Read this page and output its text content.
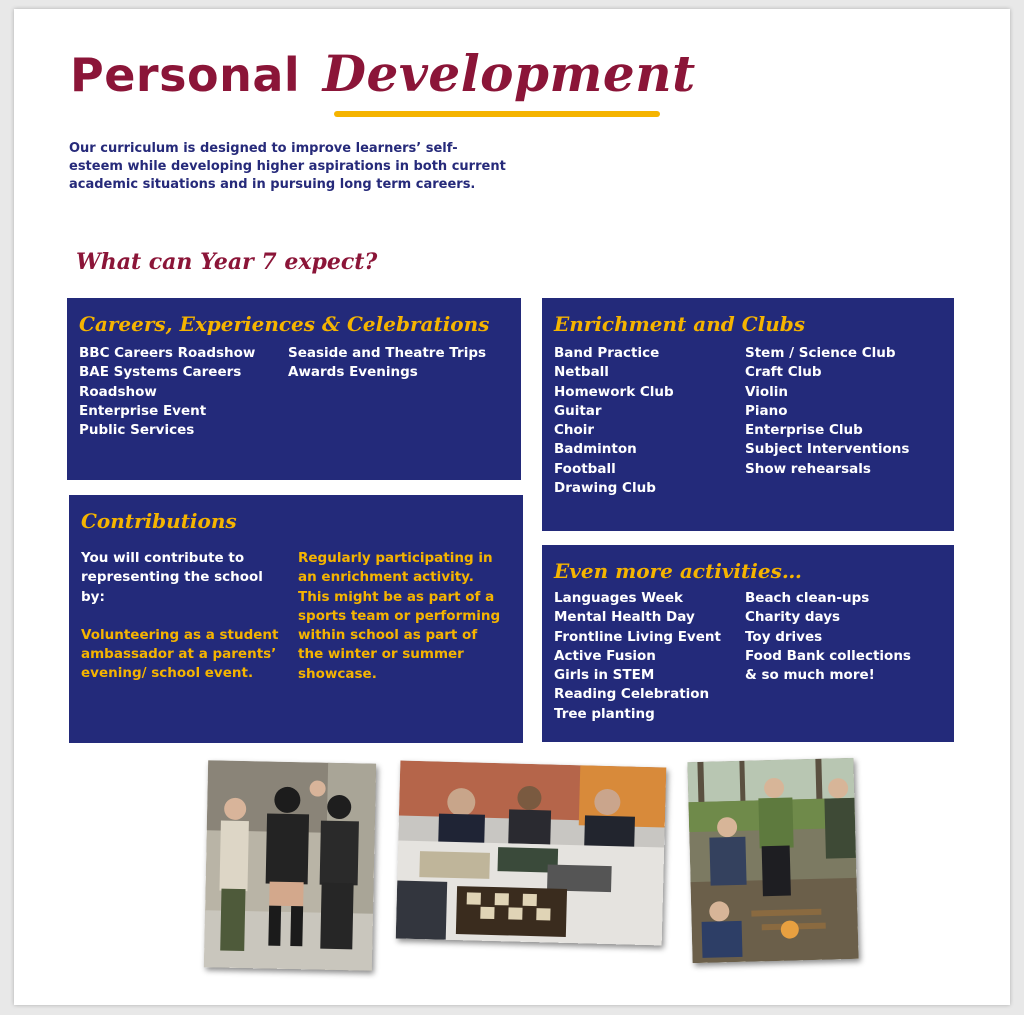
Personal Development

Our curriculum is designed to improve learners’ self-esteem while developing higher aspirations in both current academic situations and in pursuing long term careers.

What can Year 7 expect?
Careers, Experiences & Celebrations
BBC Careers Roadshow
BAE Systems Careers Roadshow
Enterprise Event
Public Services
Seaside and Theatre Trips
Awards Evenings
Enrichment and Clubs
Band Practice
Netball
Homework Club
Guitar
Choir
Badminton
Football
Drawing Club
Stem / Science Club
Craft Club
Violin
Piano
Enterprise Club
Subject Interventions
Show rehearsals
Contributions

You will contribute to representing the school by:

Volunteering as a student ambassador at a parents’ evening/ school event.

Regularly participating in an enrichment activity. This might be as part of a sports team or performing within school as part of the winter or summer showcase.

Even more activities…
Languages Week
Mental Health Day
Frontline Living Event
Active Fusion
Girls in STEM
Reading Celebration
Tree planting
Beach clean-ups
Charity days
Toy drives
Food Bank collections
& so much more!
